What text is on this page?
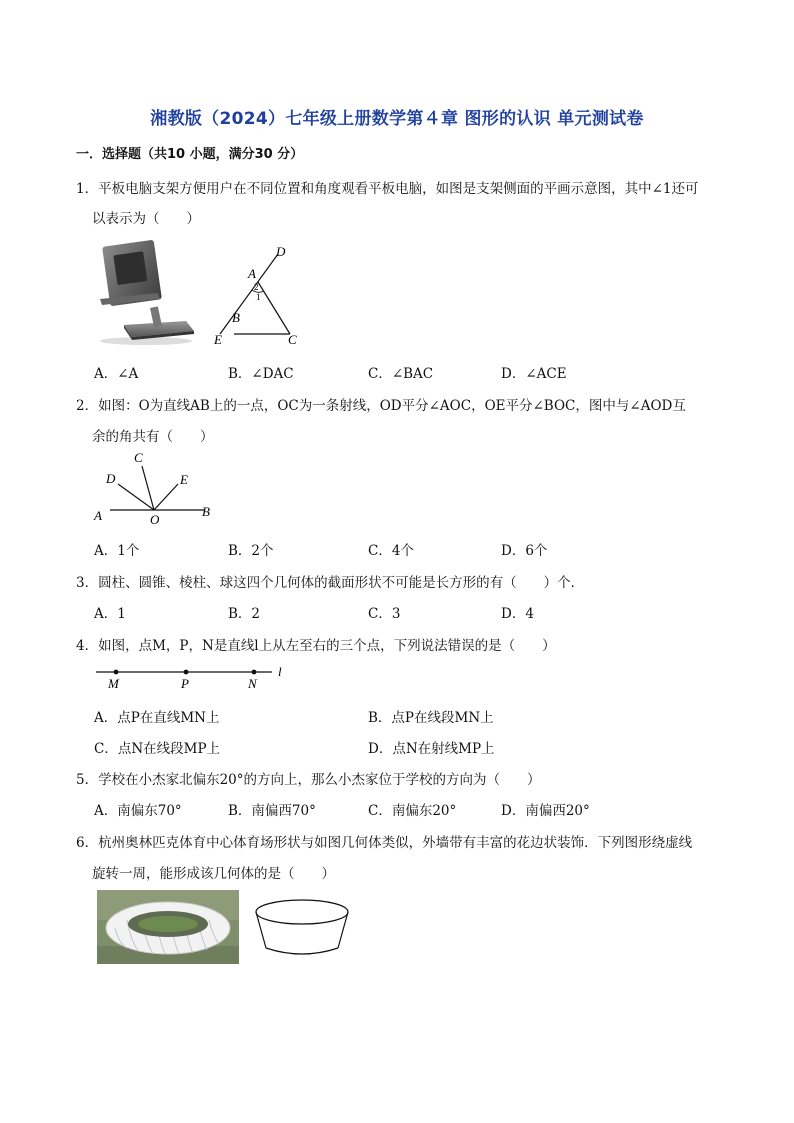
湘教版（2024）七年级上册数学第４章 图形的认识 单元测试卷
一．选择题（共10 小题，满分30 分）
1．平板电脑支架方便用户在不同位置和角度观看平板电脑，如图是支架侧面的平画示意图，其中∠1还可
以表示为（　　）
D
A
2
1
B
E	C
A．∠A	B．∠DAC	C．∠BAC	D．∠ACE
2．如图：O为直线AB上的一点，OC为一条射线，OD平分∠AOC，OE平分∠BOC，图中与∠AOD互
余的角共有（　　）
C
D	E
A	O
B
A．1个	B．2个	C．4个	D．6个
3．圆柱、圆锥、棱柱、球这四个几何体的截面形状不可能是长方形的有（　　）个．
A．1	B．2	C．3	D．4
4．如图，点M，P，N是直线l上从左至右的三个点，下列说法错误的是（　　）
M	P	N
l
A．点P在直线MN上	B．点P在线段MN上
C．点N在线段MP上	D．点N在射线MP上
5．学校在小杰家北偏东20°的方向上，那么小杰家位于学校的方向为（　　）
A．南偏东70°	B．南偏西70°	C．南偏东20°	D．南偏西20°
6．杭州奥林匹克体育中心体育场形状与如图几何体类似，外墙带有丰富的花边状装饰．下列图形绕虚线
旋转一周，能形成该几何体的是（　　）
